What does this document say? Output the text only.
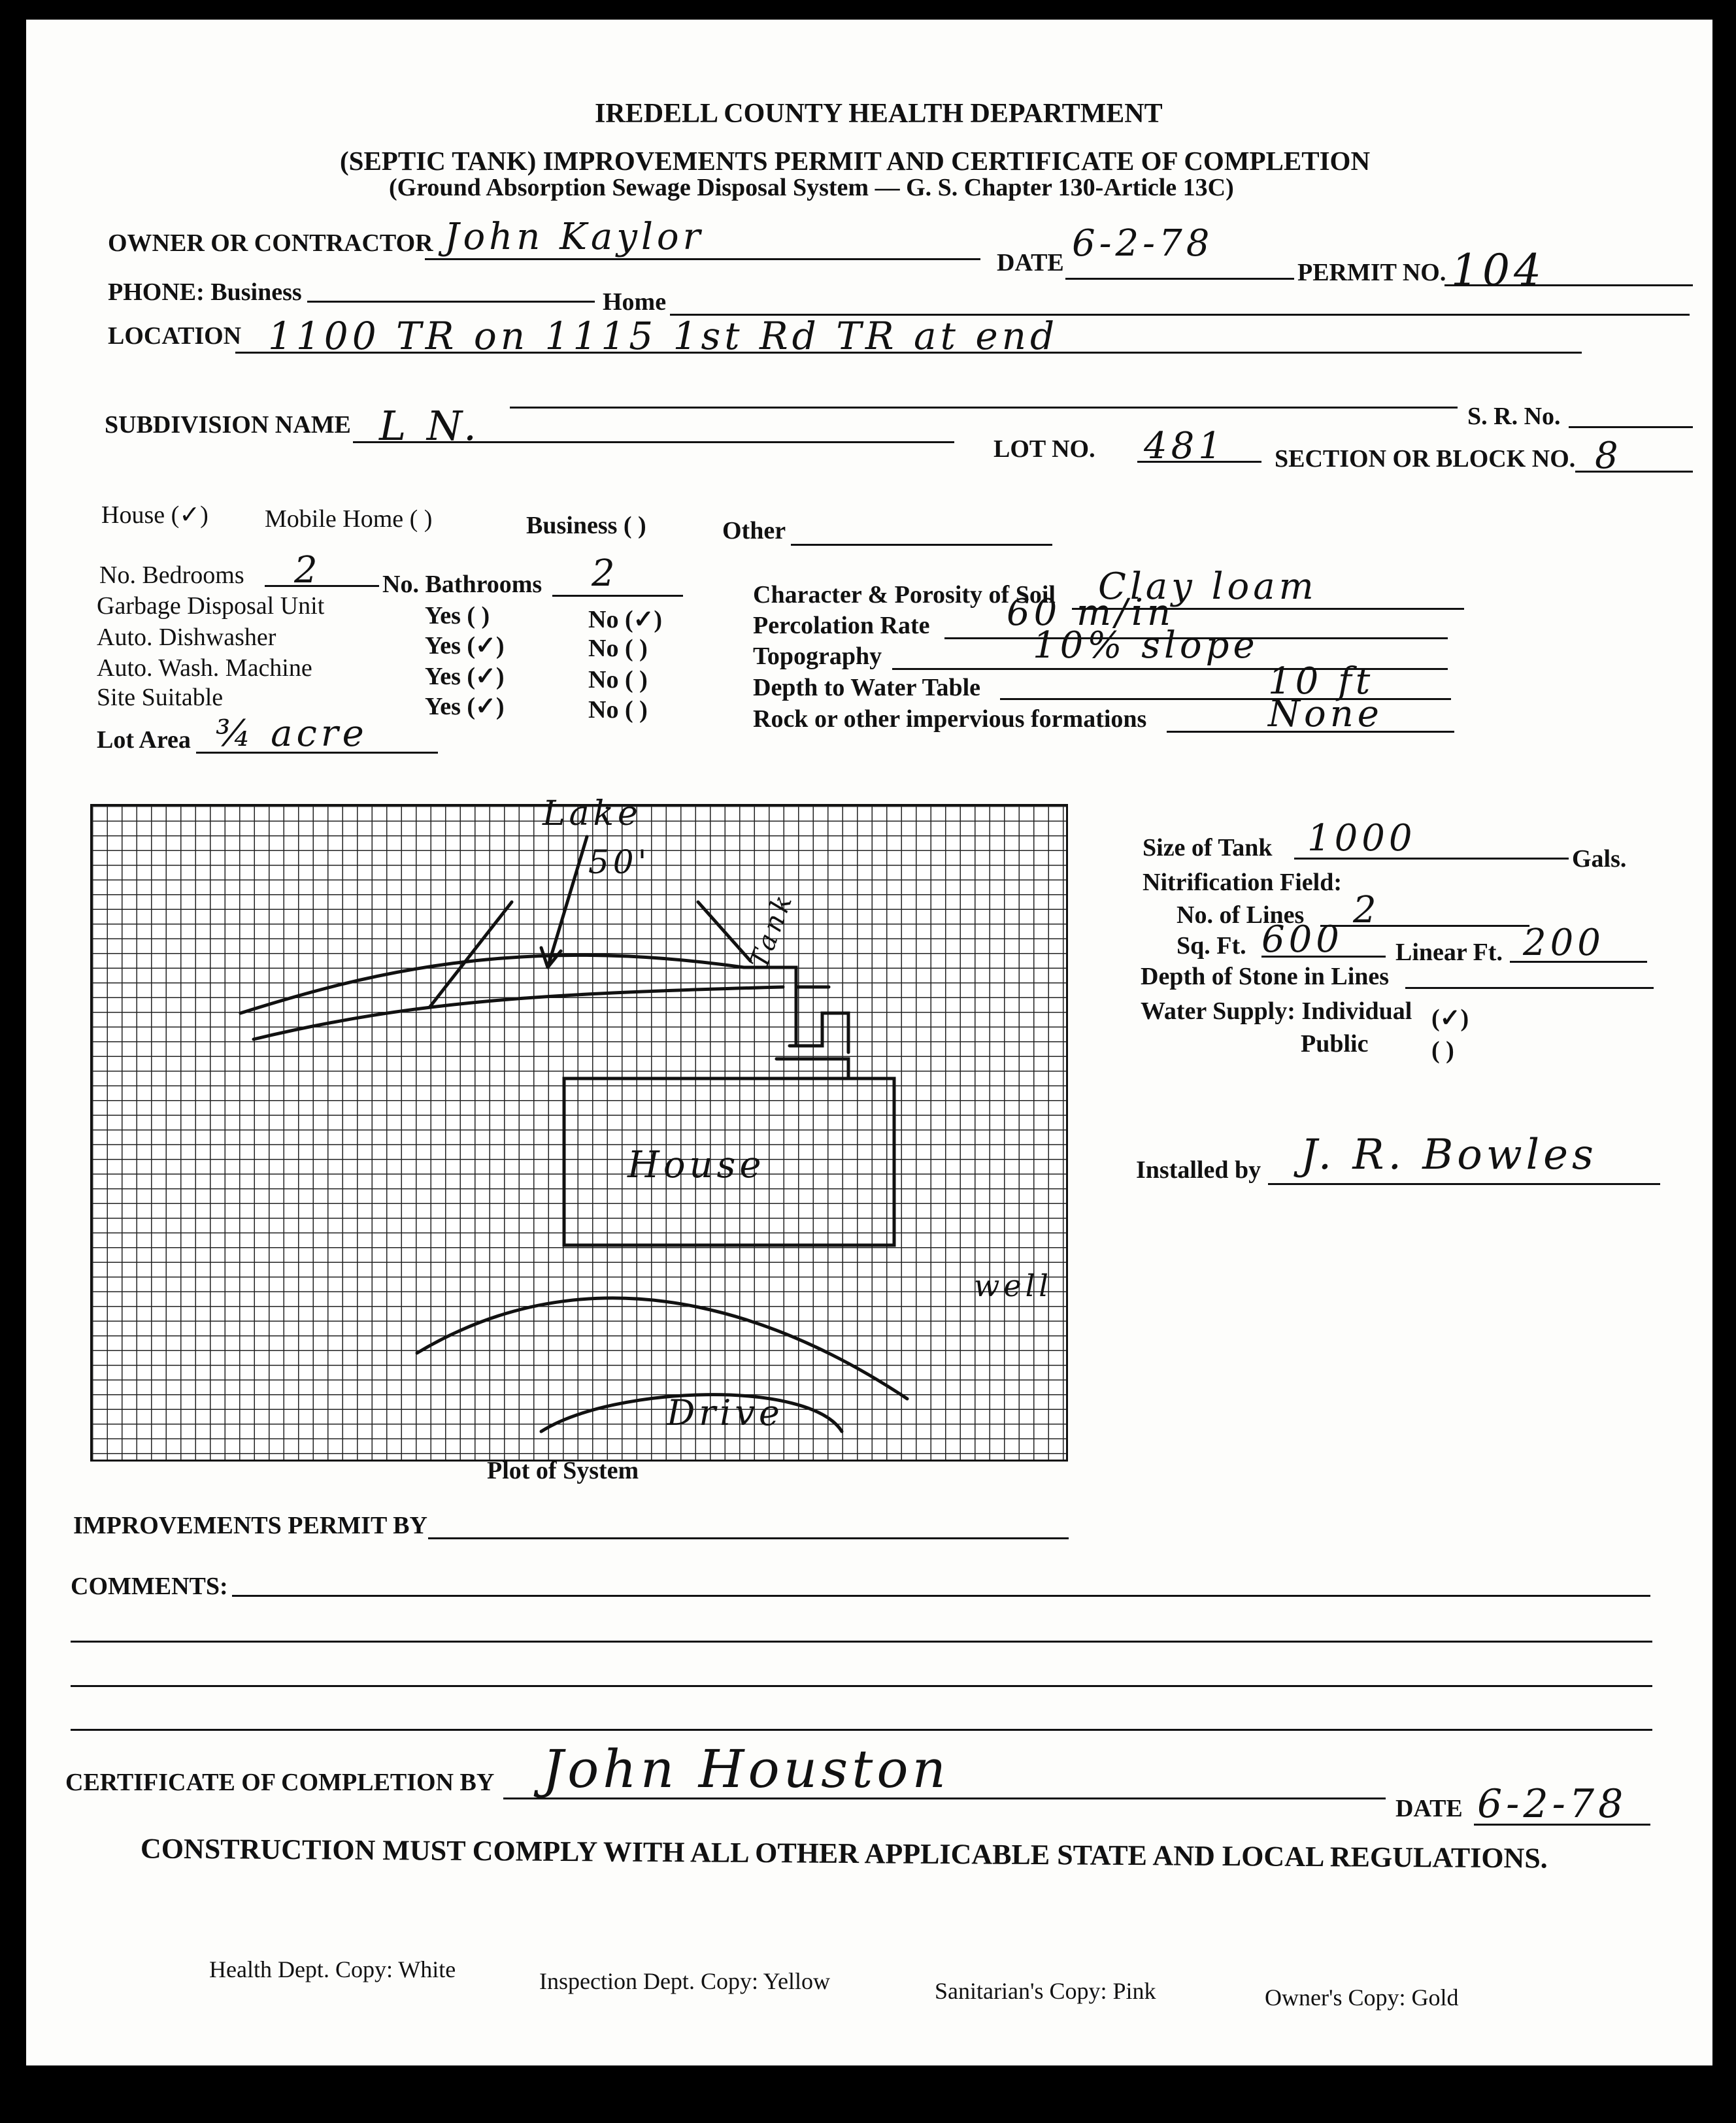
IREDELL COUNTY HEALTH DEPARTMENT
(SEPTIC TANK) IMPROVEMENTS PERMIT AND CERTIFICATE OF COMPLETION
(Ground Absorption Sewage Disposal System — G. S. Chapter 130-Article 13C)
OWNER OR CONTRACTOR John Kaylor
DATE 6-2-78
PERMIT NO. 104
PHONE: Business	Home
LOCATION 1100 TR on 1115 1st Rd TR at end
S. R. No.
SUBDIVISION NAME L N.	LOT NO. 481 SECTION OR BLOCK NO. 8
House (✓) Mobile Home ( )	Business ( )	Other
No. Bedrooms 2 No. Bathrooms 2
Garbage Disposal Unit	Yes ( )	No (✓)
Auto. Dishwasher	Yes (✓)	No ( )
Auto. Wash. Machine	Yes (✓)	No ( )
Site Suitable	Yes (✓)	No ( )
Lot Area ¾ acre
Character & Porosity of Soil Clay loam
Percolation Rate 60 m/in
Topography	10% slope
Depth to Water Table	10 ft
Rock or other impervious formations	None
Lake
50'
House
Drive
well
Tank
Plot of System
Size of Tank 1000	Gals.
Nitrification Field:
No. of Lines 2
Sq. Ft. 600 Linear Ft. 200
Depth of Stone in Lines
Water Supply: Individual (✓)
Public	( )
Installed by J. R. Bowles
IMPROVEMENTS PERMIT BY
COMMENTS:
CERTIFICATE OF COMPLETION BY John Houston
DATE 6-2-78
CONSTRUCTION MUST COMPLY WITH ALL OTHER APPLICABLE STATE AND LOCAL REGULATIONS.
Health Dept. Copy: White	Inspection Dept. Copy: Yellow	Sanitarian's Copy: Pink	Owner's Copy: Gold
